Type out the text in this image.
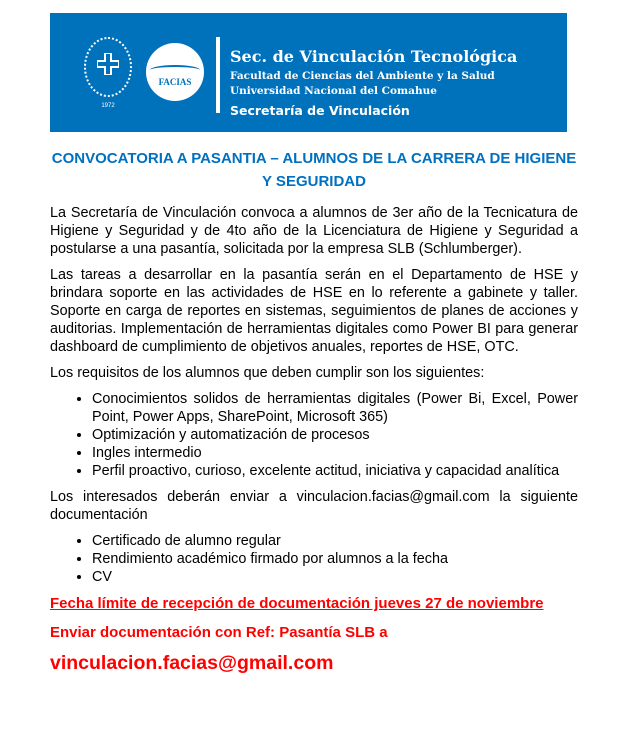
1972
FACIAS
Sec. de Vinculación Tecnológica
Facultad de Ciencias del Ambiente y la Salud
Universidad Nacional del Comahue
Secretaría de Vinculación
CONVOCATORIA A PASANTIA – ALUMNOS DE LA CARRERA DE HIGIENE Y SEGURIDAD

La Secretaría de Vinculación convoca a alumnos de 3er año de la Tecnicatura de Higiene y Seguridad y de 4to año de la Licenciatura de Higiene y Seguridad a postularse a una pasantía, solicitada por la empresa SLB (Schlumberger).

Las tareas a desarrollar en la pasantía serán en el Departamento de HSE y brindara soporte en las actividades de HSE en lo referente a gabinete y taller. Soporte en carga de reportes en sistemas, seguimientos de planes de acciones y auditorias. Implementación de herramientas digitales como Power BI para generar dashboard de cumplimiento de objetivos anuales, reportes de HSE, OTC.

Los requisitos de los alumnos que deben cumplir son los siguientes:

• Conocimientos solidos de herramientas digitales (Power Bi, Excel, Power Point, Power Apps, SharePoint, Microsoft 365)
• Optimización y automatización de procesos
• Ingles intermedio
• Perfil proactivo, curioso, excelente actitud, iniciativa y capacidad analítica

Los interesados deberán enviar a vinculacion.facias@gmail.com la siguiente documentación

• Certificado de alumno regular
• Rendimiento académico firmado por alumnos a la fecha
• CV

Fecha límite de recepción de documentación jueves 27 de noviembre

Enviar documentación con Ref: Pasantía SLB a

vinculacion.facias@gmail.com
